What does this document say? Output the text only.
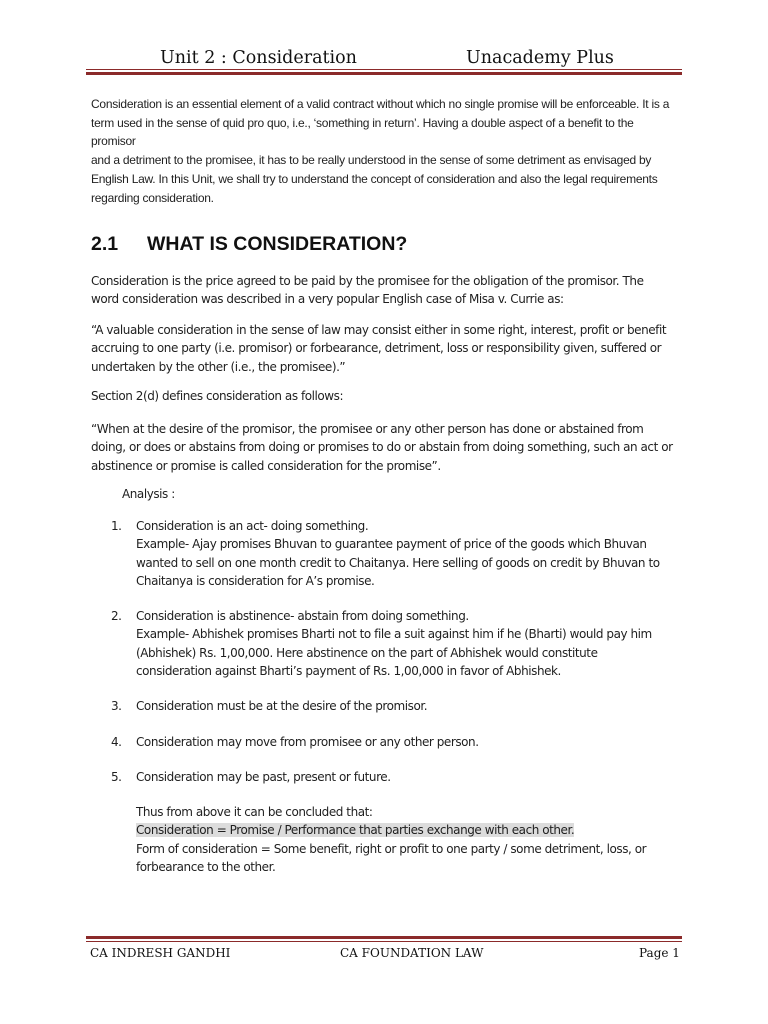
Unit 2 : Consideration	Unacademy Plus
Consideration is an essential element of a valid contract without which no single promise will be enforceable. It is a
term used in the sense of quid pro quo, i.e., ‘something in return’. Having a double aspect of a benefit to the promisor
and a detriment to the promisee, it has to be really understood in the sense of some detriment as envisaged by
English Law. In this Unit, we shall try to understand the concept of consideration and also the legal requirements
regarding consideration.
2.1 WHAT IS CONSIDERATION?
Consideration is the price agreed to be paid by the promisee for the obligation of the promisor. The
word consideration was described in a very popular English case of Misa v. Currie as:
“A valuable consideration in the sense of law may consist either in some right, interest, profit or benefit
accruing to one party (i.e. promisor) or forbearance, detriment, loss or responsibility given, suffered or
undertaken by the other (i.e., the promisee).”
Section 2(d) defines consideration as follows:
“When at the desire of the promisor, the promisee or any other person has done or abstained from
doing, or does or abstains from doing or promises to do or abstain from doing something, such an act or
abstinence or promise is called consideration for the promise”.
Analysis :
1. Consideration is an act- doing something.
Example- Ajay promises Bhuvan to guarantee payment of price of the goods which Bhuvan
wanted to sell on one month credit to Chaitanya. Here selling of goods on credit by Bhuvan to
Chaitanya is consideration for A’s promise.
2. Consideration is abstinence- abstain from doing something.
Example- Abhishek promises Bharti not to file a suit against him if he (Bharti) would pay him
(Abhishek) Rs. 1,00,000. Here abstinence on the part of Abhishek would constitute
consideration against Bharti’s payment of Rs. 1,00,000 in favor of Abhishek.
3. Consideration must be at the desire of the promisor.
4. Consideration may move from promisee or any other person.
5. Consideration may be past, present or future.
Thus from above it can be concluded that:
Consideration = Promise / Performance that parties exchange with each other.
Form of consideration = Some benefit, right or profit to one party / some detriment, loss, or
forbearance to the other.
CA INDRESH GANDHI	CA FOUNDATION LAW	Page 1
